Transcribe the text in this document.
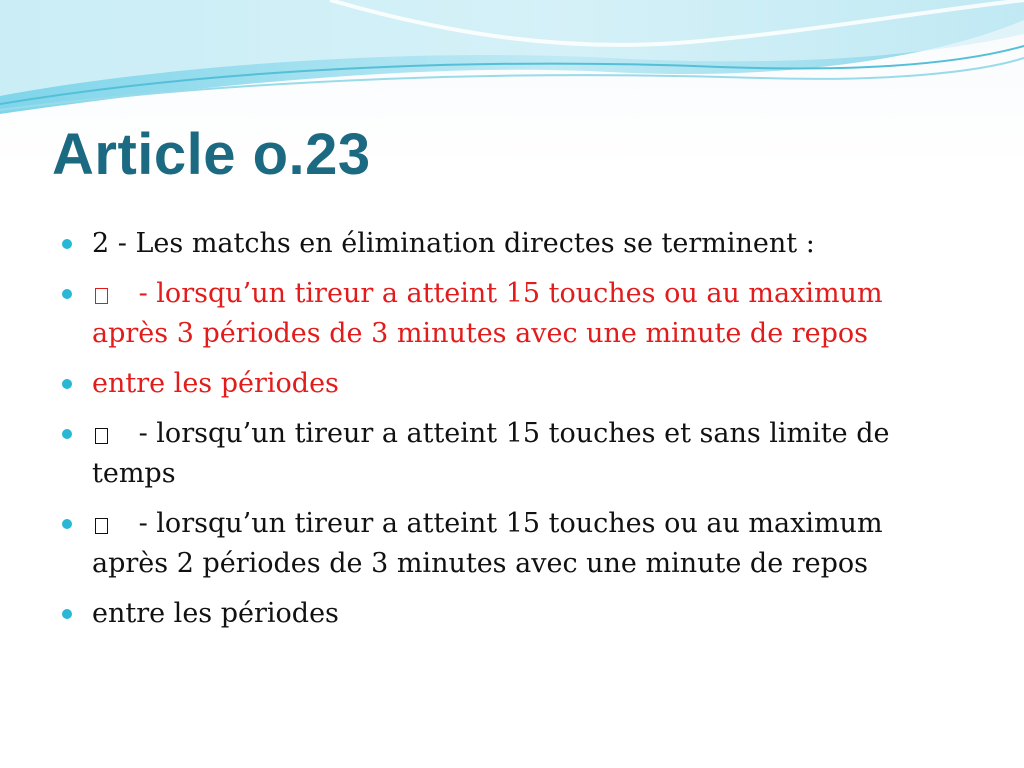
Article o.23
2 - Les matchs en élimination directes se terminent :
- lorsqu’un tireur a atteint 15 touches ou au maximum après 3 périodes de 3 minutes avec une minute de repos
entre les périodes
- lorsqu’un tireur a atteint 15 touches et sans limite de temps
- lorsqu’un tireur a atteint 15 touches ou au maximum après 2 périodes de 3 minutes avec une minute de repos
entre les périodes
